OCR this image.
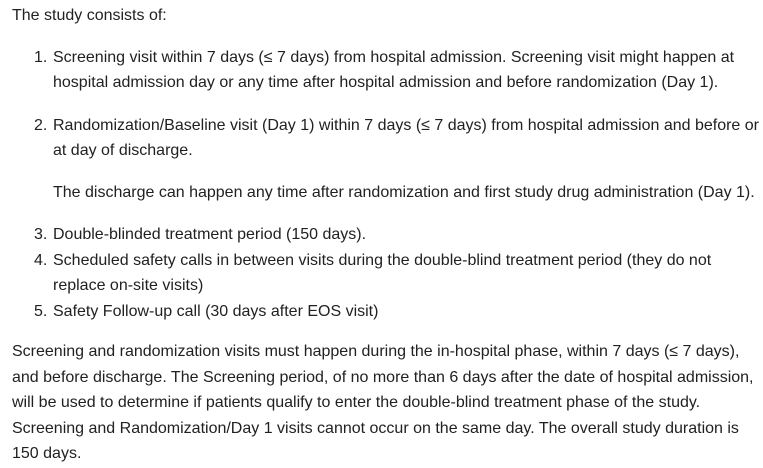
The study consists of:

1. Screening visit within 7 days (≤ 7 days) from hospital admission. Screening visit might happen at hospital admission day or any time after hospital admission and before randomization (Day 1).
2. Randomization/Baseline visit (Day 1) within 7 days (≤ 7 days) from hospital admission and before or at day of discharge.

The discharge can happen any time after randomization and first study drug administration (Day 1).

3. Double-blinded treatment period (150 days).
4. Scheduled safety calls in between visits during the double-blind treatment period (they do not replace on-site visits)
5. Safety Follow-up call (30 days after EOS visit)

Screening and randomization visits must happen during the in-hospital phase, within 7 days (≤ 7 days), and before discharge. The Screening period, of no more than 6 days after the date of hospital admission, will be used to determine if patients qualify to enter the double-blind treatment phase of the study. Screening and Randomization/Day 1 visits cannot occur on the same day. The overall study duration is 150 days.
